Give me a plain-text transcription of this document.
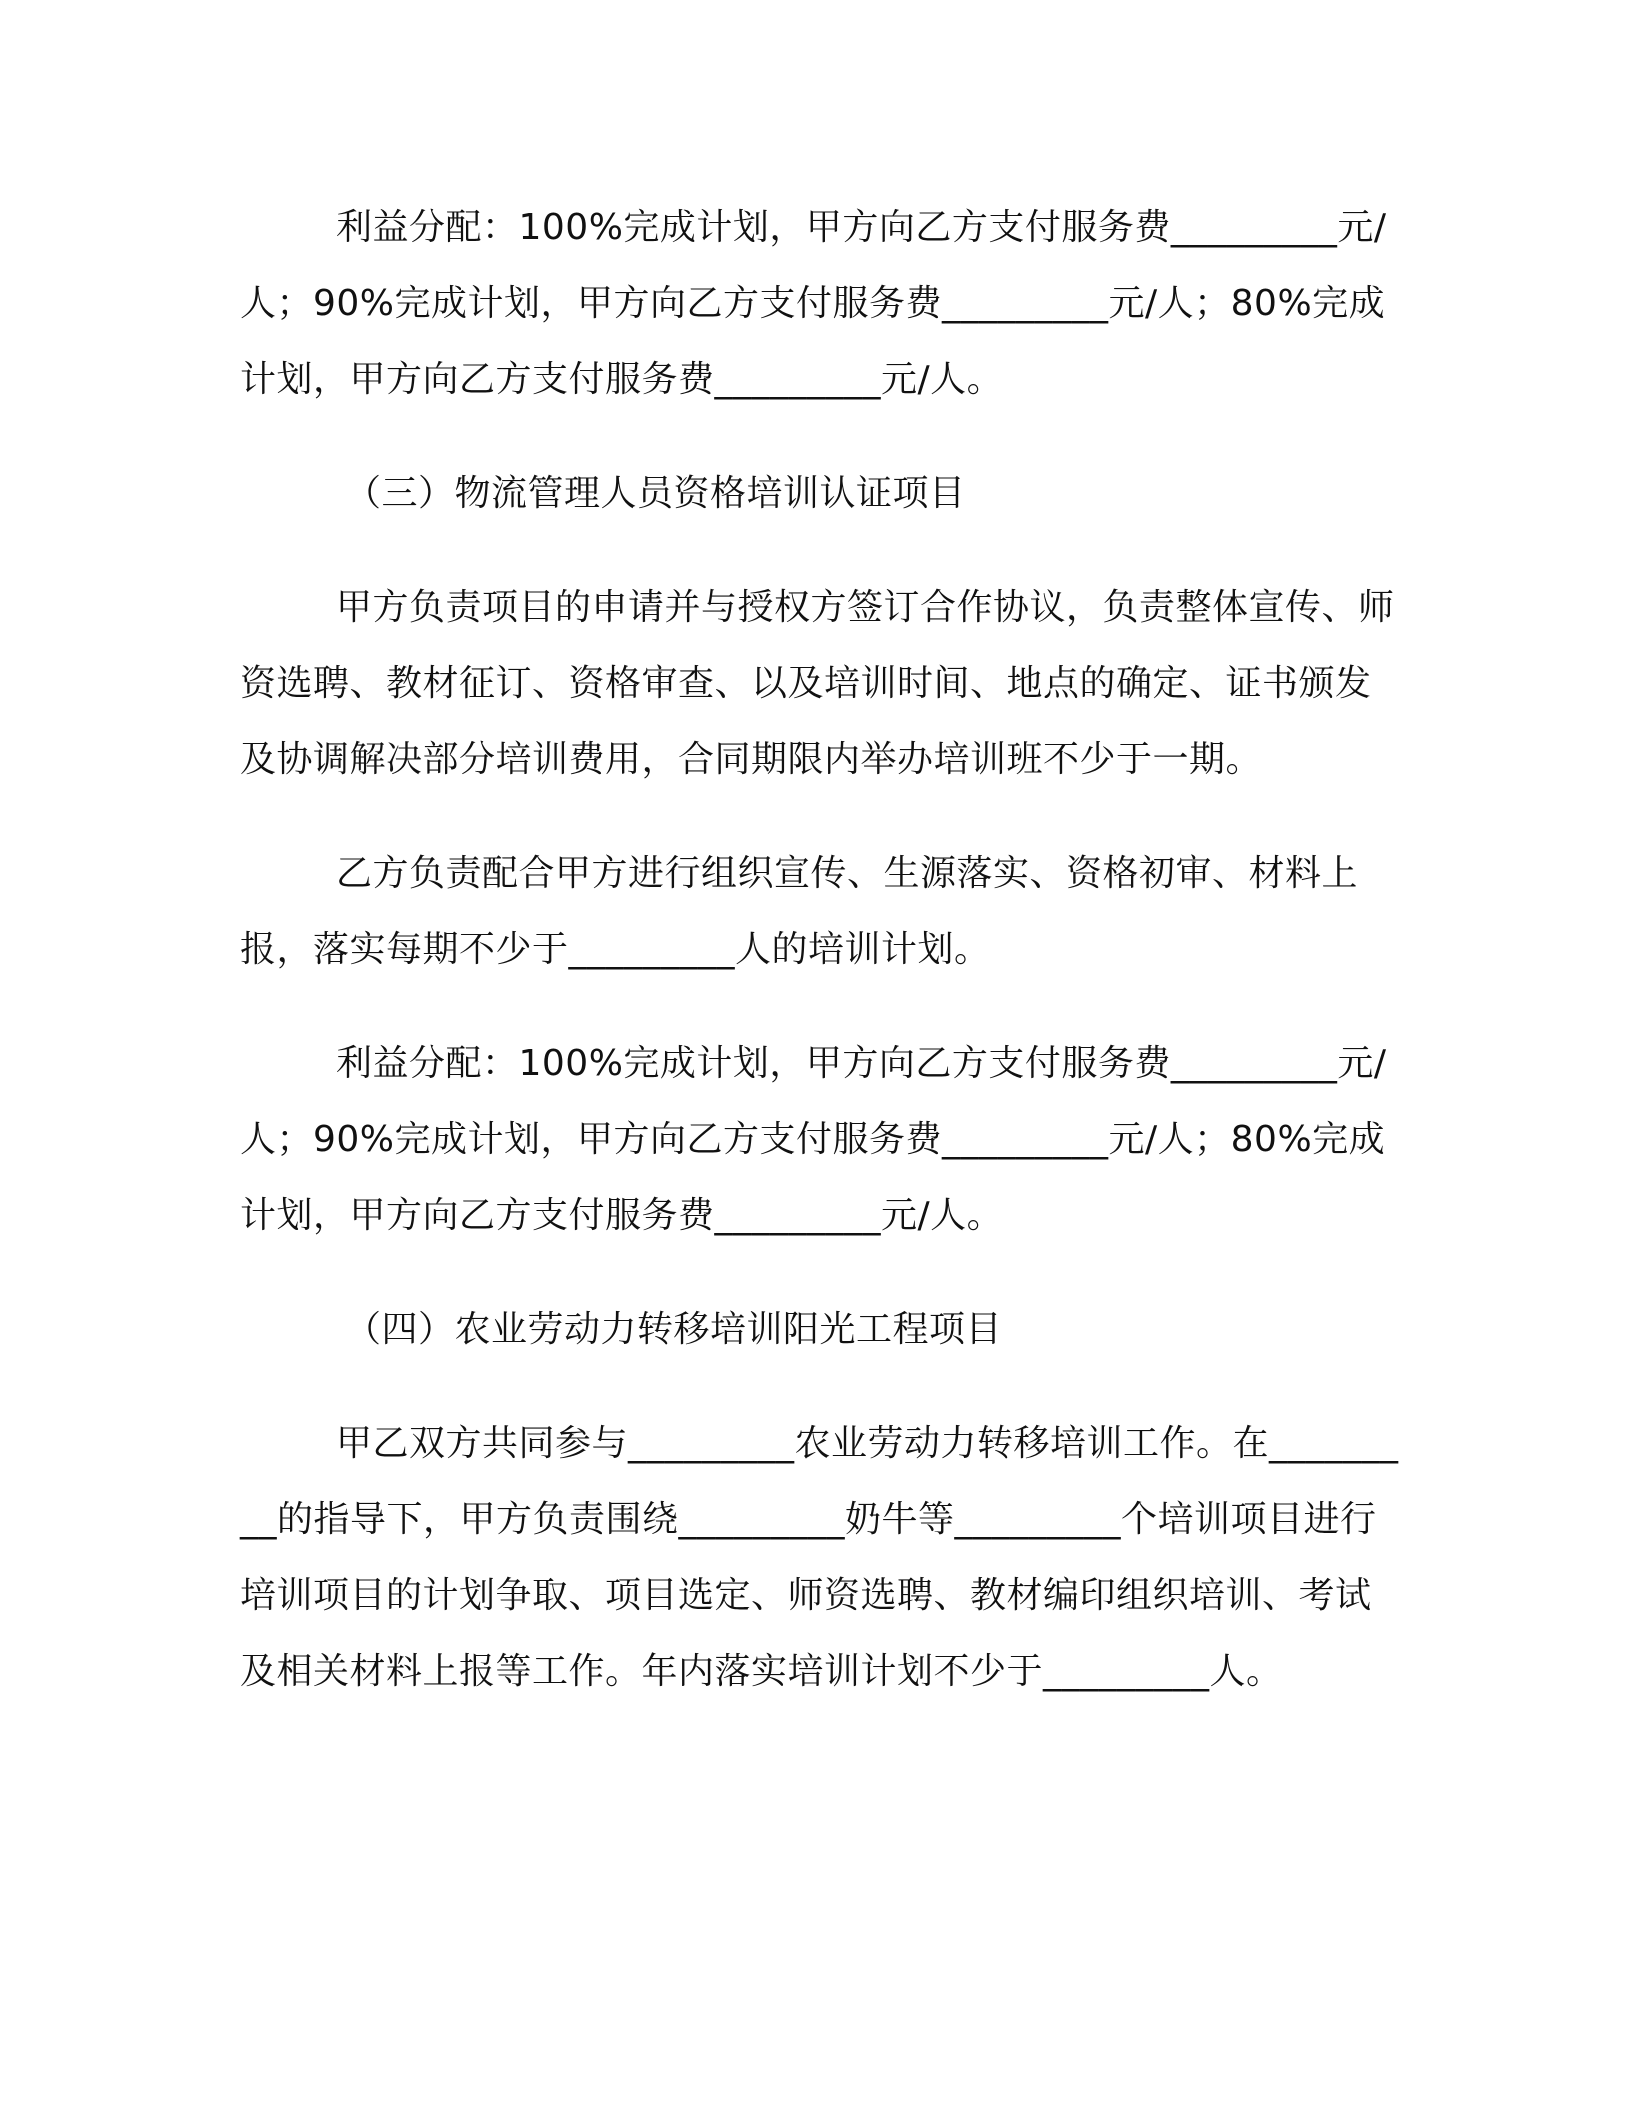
利益分配：100%完成计划，甲方向乙方支付服务费_________元/人；90%完成计划，甲方向乙方支付服务费_________元/人；80%完成计划，甲方向乙方支付服务费_________元/人。

（三）物流管理人员资格培训认证项目

甲方负责项目的申请并与授权方签订合作协议，负责整体宣传、师资选聘、教材征订、资格审查、以及培训时间、地点的确定、证书颁发及协调解决部分培训费用，合同期限内举办培训班不少于一期。

乙方负责配合甲方进行组织宣传、生源落实、资格初审、材料上报，落实每期不少于_________人的培训计划。

利益分配：100%完成计划，甲方向乙方支付服务费_________元/人；90%完成计划，甲方向乙方支付服务费_________元/人；80%完成计划，甲方向乙方支付服务费_________元/人。

（四）农业劳动力转移培训阳光工程项目

甲乙双方共同参与_________农业劳动力转移培训工作。在_________的指导下，甲方负责围绕_________奶牛等_________个培训项目进行培训项目的计划争取、项目选定、师资选聘、教材编印组织培训、考试及相关材料上报等工作。年内落实培训计划不少于_________人。
